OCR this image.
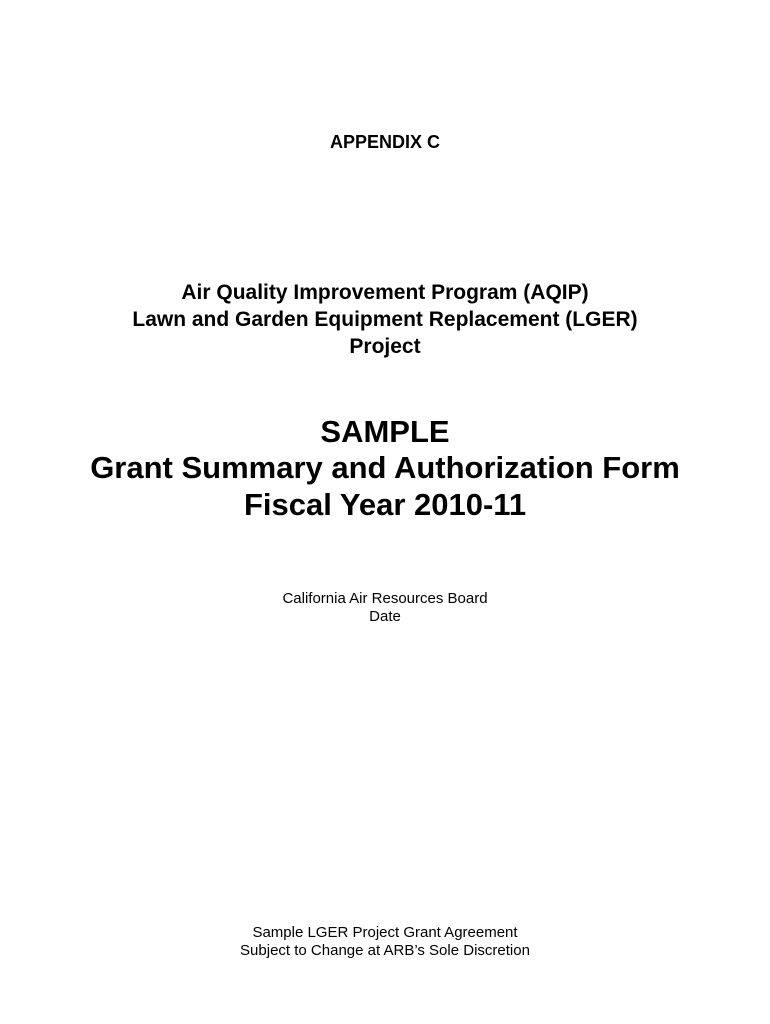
APPENDIX C
Air Quality Improvement Program (AQIP)
Lawn and Garden Equipment Replacement (LGER)
Project
SAMPLE
Grant Summary and Authorization Form
Fiscal Year 2010-11
California Air Resources Board
Date
Sample LGER Project Grant Agreement
Subject to Change at ARB’s Sole Discretion
